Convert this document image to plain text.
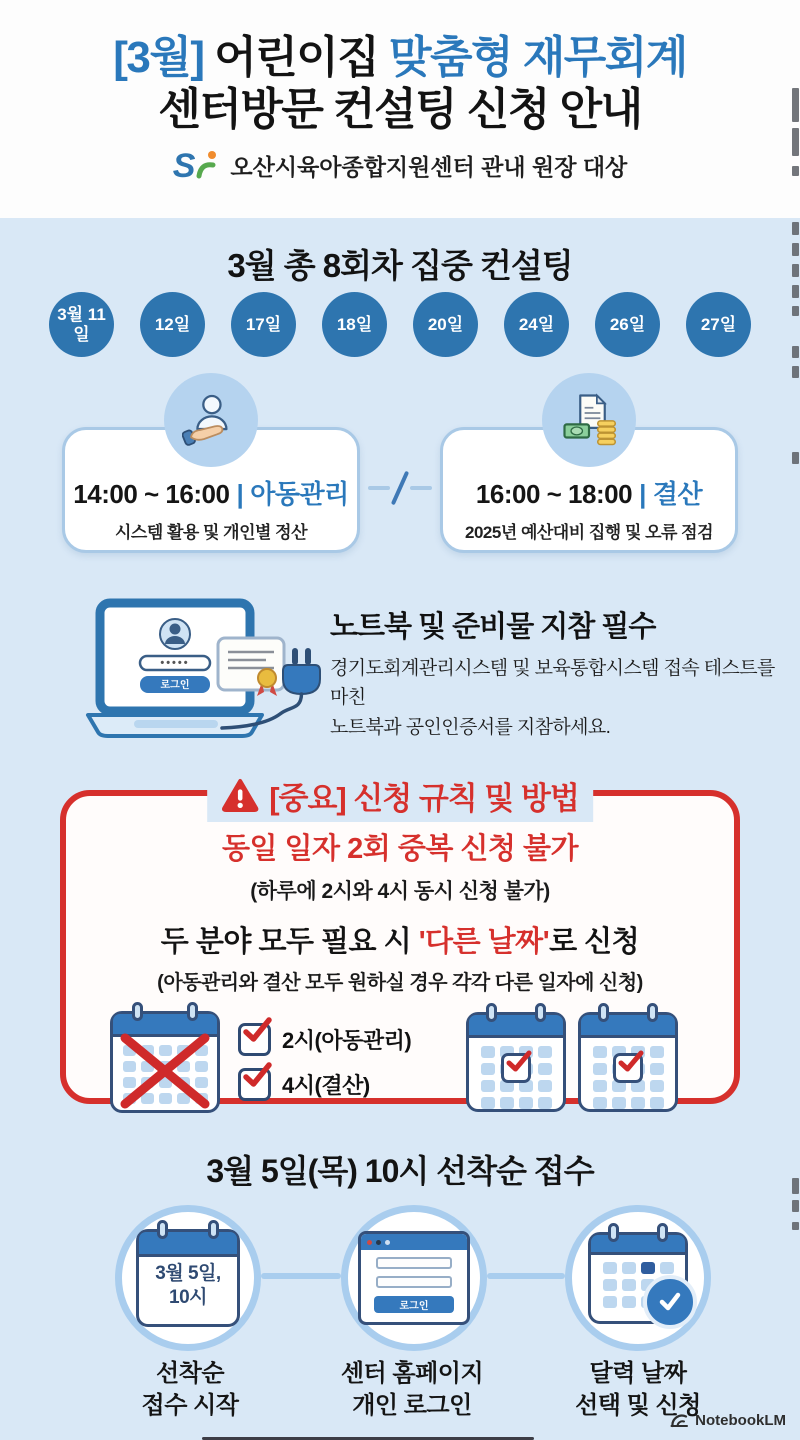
[3월] 어린이집 맞춤형 재무회계
센터방문 컨설팅 신청 안내
S 오산시육아종합지원센터 관내 원장 대상
3월 총 8회차 집중 컨설팅
3월 11일
12일	17일	18일	20일	24일	26일	27일
14:00 ~ 16:00 | 아동관리
시스템 활용 및 개인별 정산
16:00 ~ 18:00 | 결산
2025년 예산대비 집행 및 오류 점검
•••••
로그인
노트북 및 준비물 지참 필수
경기도회계관리시스템 및 보육통합시스템 접속 테스트를 마친
노트북과 공인인증서를 지참하세요.
[중요] 신청 규칙 및 방법
동일 일자 2회 중복 신청 불가
(하루에 2시와 4시 동시 신청 불가)
두 분야 모두 필요 시 '다른 날짜'로 신청
(아동관리와 결산 모두 원하실 경우 각각 다른 일자에 신청)
2시(아동관리)
4시(결산)
3월 5일(목) 10시 선착순 접수
3월 5일,
10시	로그인
선착순
접수 시작
센터 홈페이지
개인 로그인
달력 날짜
선택 및 신청
NotebookLM
